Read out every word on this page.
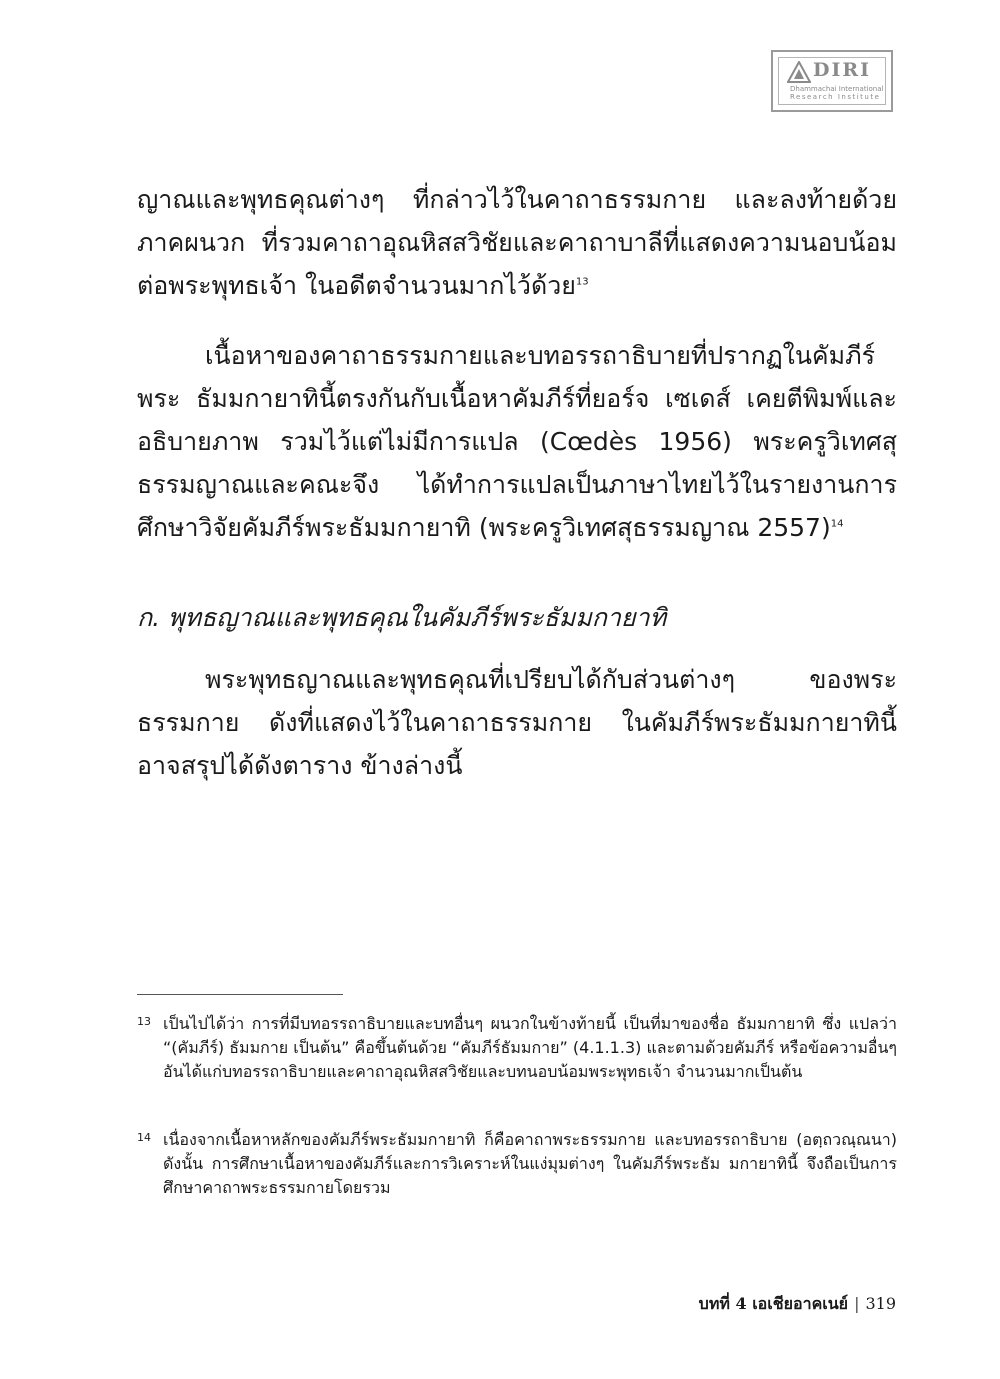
DIRI
Dhammachai International
Research Institute

ญาณและพุทธคุณต่างๆ ที่กล่าวไว้ในคาถาธรรมกาย และลงท้ายด้วยภาคผนวก ที่รวมคาถาอุณหิสสวิชัยและคาถาบาลีที่แสดงความนอบน้อมต่อพระพุทธเจ้า ในอดีตจำนวนมากไว้ด้วย$^{13}$

เนื้อหาของคาถาธรรมกายและบทอรรถาธิบายที่ปรากฏในคัมภีร์พระ ธัมมกายาทินี้ตรงกันกับเนื้อหาคัมภีร์ที่ยอร์จ เซเดส์ เคยตีพิมพ์และอธิบายภาพ รวมไว้แต่ไม่มีการแปล (Cœdès 1956) พระครูวิเทศสุธรรมญาณและคณะจึง ได้ทำการแปลเป็นภาษาไทยไว้ในรายงานการศึกษาวิจัยคัมภีร์พระธัมมกายาทิ (พระครูวิเทศสุธรรมญาณ 2557)$^{14}$

ก. พุทธญาณและพุทธคุณในคัมภีร์พระธัมมกายาทิ

พระพุทธญาณและพุทธคุณที่เปรียบได้กับส่วนต่างๆ ของพระธรรมกาย ดังที่แสดงไว้ในคาถาธรรมกาย ในคัมภีร์พระธัมมกายาทินี้ อาจสรุปได้ดังตาราง ข้างล่างนี้

13 เป็นไปได้ว่า การที่มีบทอรรถาธิบายและบทอื่นๆ ผนวกในข้างท้ายนี้ เป็นที่มาของชื่อ ธัมมกายาทิ ซึ่ง แปลว่า “(คัมภีร์) ธัมมกาย เป็นต้น” คือขึ้นต้นด้วย “คัมภีร์ธัมมกาย” (4.1.1.3) และตามด้วยคัมภีร์ หรือข้อความอื่นๆ อันได้แก่บทอรรถาธิบายและคาถาอุณหิสสวิชัยและบทนอบน้อมพระพุทธเจ้า จำนวนมากเป็นต้น
14 เนื่องจากเนื้อหาหลักของคัมภีร์พระธัมมกายาทิ ก็คือคาถาพระธรรมกาย และบทอรรถาธิบาย (อตฺถวณฺณนา) ดังนั้น การศึกษาเนื้อหาของคัมภีร์และการวิเคราะห์ในแง่มุมต่างๆ ในคัมภีร์พระธัม มกายาทินี้ จึงถือเป็นการศึกษาคาถาพระธรรมกายโดยรวม
บทที่ 4 เอเชียอาคเนย์ | 319
